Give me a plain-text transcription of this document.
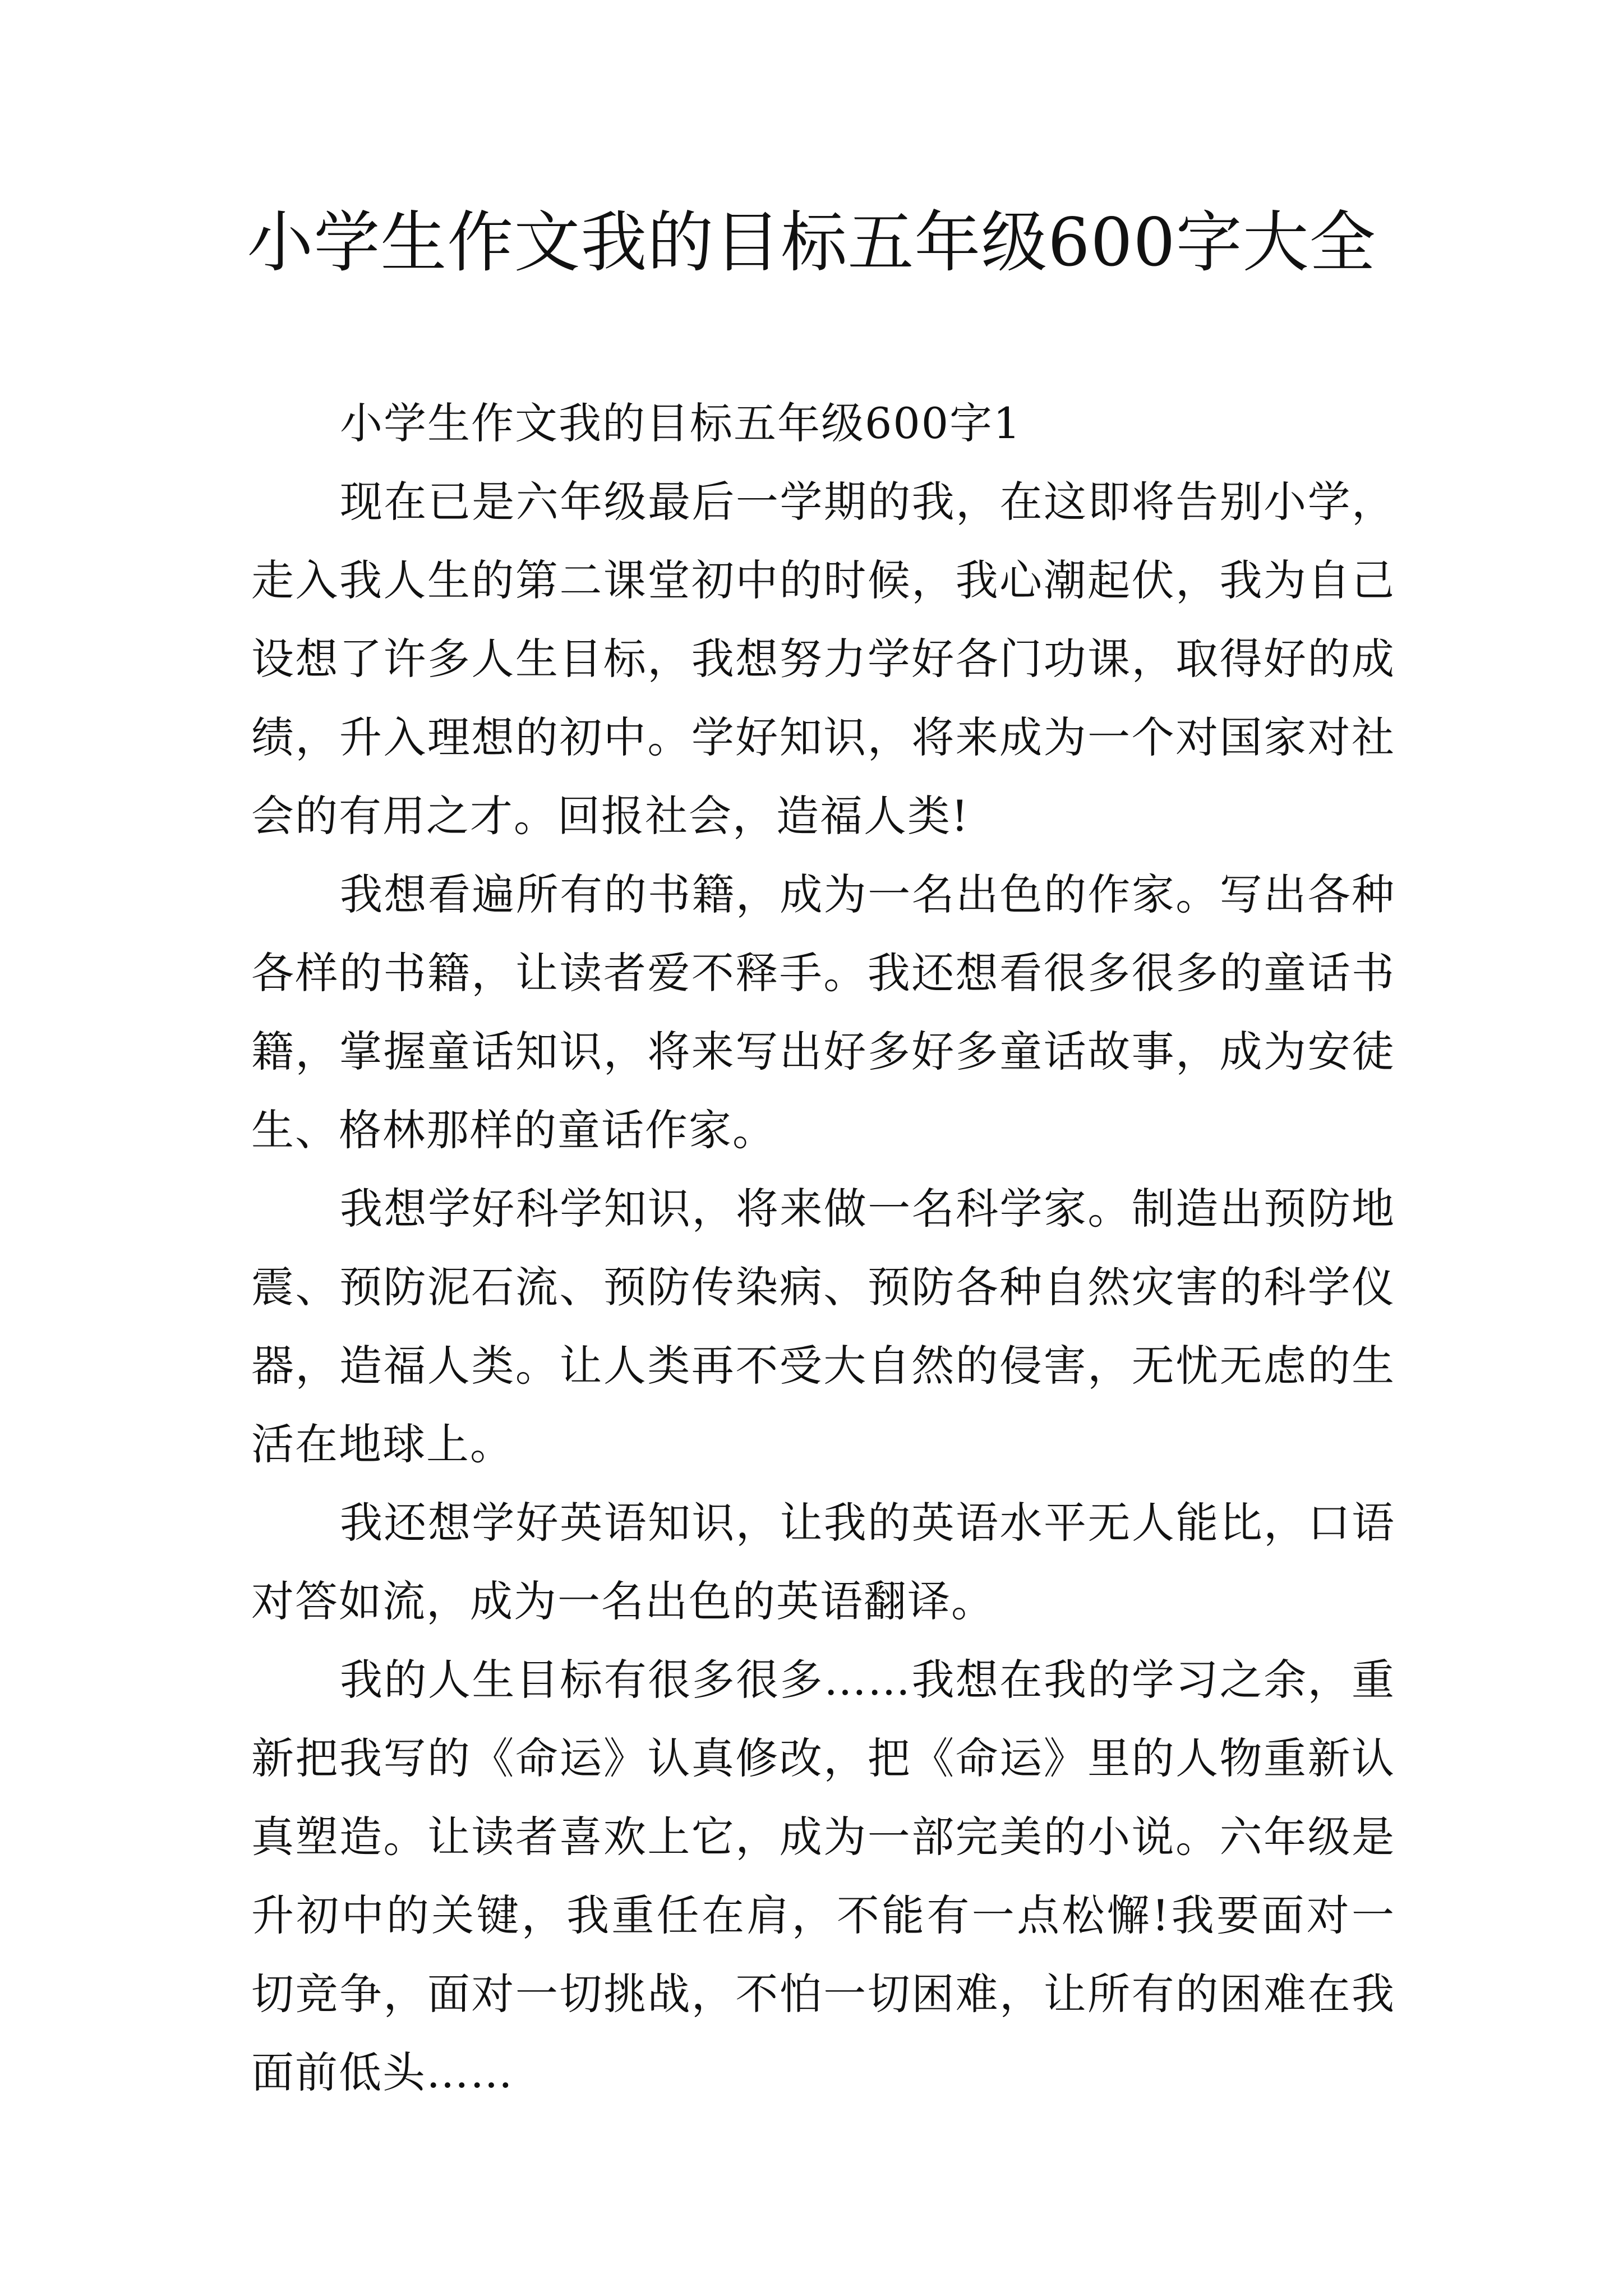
小学生作文我的目标五年级600字大全
小学生作文我的目标五年级600字1

现在已是六年级最后一学期的我，在这即将告别小学，走入我人生的第二课堂初中的时候，我心潮起伏，我为自己设想了许多人生目标，我想努力学好各门功课，取得好的成绩，升入理想的初中。学好知识，将来成为一个对国家对社会的有用之才。回报社会，造福人类!

我想看遍所有的书籍，成为一名出色的作家。写出各种各样的书籍，让读者爱不释手。我还想看很多很多的童话书籍，掌握童话知识，将来写出好多好多童话故事，成为安徒生、格林那样的童话作家。

我想学好科学知识，将来做一名科学家。制造出预防地震、预防泥石流、预防传染病、预防各种自然灾害的科学仪器，造福人类。让人类再不受大自然的侵害，无忧无虑的生活在地球上。

我还想学好英语知识，让我的英语水平无人能比，口语对答如流，成为一名出色的英语翻译。

我的人生目标有很多很多……我想在我的学习之余，重新把我写的《命运》认真修改，把《命运》里的人物重新认真塑造。让读者喜欢上它，成为一部完美的小说。六年级是升初中的关键，我重任在肩，不能有一点松懈!我要面对一切竞争，面对一切挑战，不怕一切困难，让所有的困难在我面前低头……
